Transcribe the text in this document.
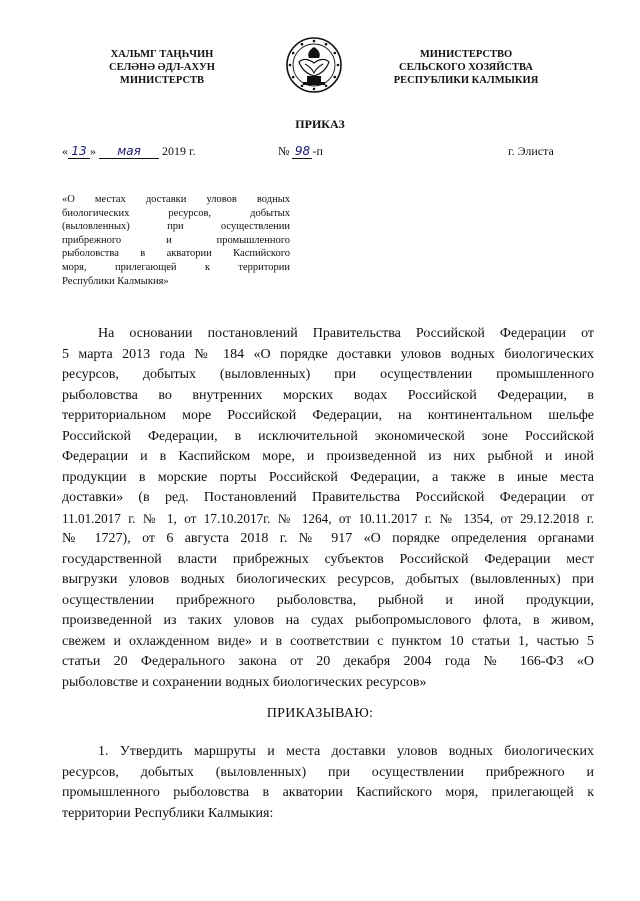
ХАЛЬМГ ТАҢҺЧИН
СЕЛӘНӘ ӘДЛ-АХУН
МИНИСТЕРСТВ
МИНИСТЕРСТВО
СЕЛЬСКОГО ХОЗЯЙСТВА
РЕСПУБЛИКИ КАЛМЫКИЯ
ПРИКАЗ
« 13 » мая 2019 г.	№ 98 -п	г. Элиста
«О местах доставки уловов водных
биологических ресурсов, добытых
(выловленных) при осуществлении
прибрежного и промышленного
рыболовства в акватории Каспийского
моря, прилегающей к территории
Республики Калмыкия»
На основании постановлений Правительства Российской Федерации от
5 марта 2013 года № 184 «О порядке доставки уловов водных биологических
ресурсов, добытых (выловленных) при осуществлении промышленного
рыболовства во внутренних морских водах Российской Федерации, в
территориальном море Российской Федерации, на континентальном шельфе
Российской Федерации, в исключительной экономической зоне Российской
Федерации и в Каспийском море, и произведенной из них рыбной и иной
продукции в морские порты Российской Федерации, а также в иные места
доставки» (в ред. Постановлений Правительства Российской Федерации от
11.01.2017 г. № 1, от 17.10.2017г. № 1264, от 10.11.2017 г. № 1354, от 29.12.2018 г.
№ 1727), от 6 августа 2018 г. № 917 «О порядке определения органами
государственной власти прибрежных субъектов Российской Федерации мест
выгрузки уловов водных биологических ресурсов, добытых (выловленных) при
осуществлении прибрежного рыболовства, рыбной и иной продукции,
произведенной из таких уловов на судах рыбопромыслового флота, в живом,
свежем и охлажденном виде» и в соответствии с пунктом 10 статьи 1, частью 5
статьи 20 Федерального закона от 20 декабря 2004 года № 166-ФЗ «О
рыболовстве и сохранении водных биологических ресурсов»
ПРИКАЗЫВАЮ:
1. Утвердить маршруты и места доставки уловов водных биологических
ресурсов, добытых (выловленных) при осуществлении прибрежного и
промышленного рыболовства в акватории Каспийского моря, прилегающей к
территории Республики Калмыкия:
